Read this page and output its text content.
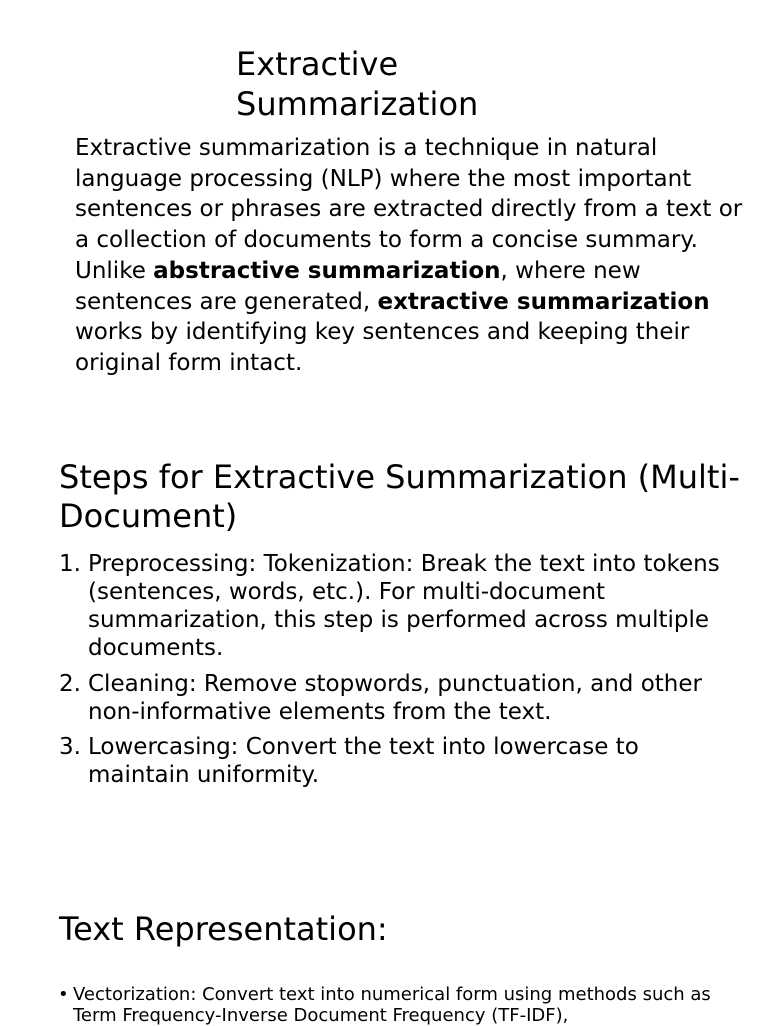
Extractive Summarization

Extractive summarization is a technique in natural language processing (NLP) where the most important sentences or phrases are extracted directly from a text or a collection of documents to form a concise summary. Unlike abstractive summarization, where new sentences are generated, extractive summarization works by identifying key sentences and keeping their original form intact.

Steps for Extractive Summarization (Multi-Document)
1. Preprocessing: Tokenization: Break the text into tokens (sentences, words, etc.). For multi-document summarization, this step is performed across multiple documents.
2. Cleaning: Remove stopwords, punctuation, and other non-informative elements from the text.
3. Lowercasing: Convert the text into lowercase to maintain uniformity.
Text Representation:
• Vectorization: Convert text into numerical form using methods such as Term Frequency-Inverse Document Frequency (TF-IDF),
